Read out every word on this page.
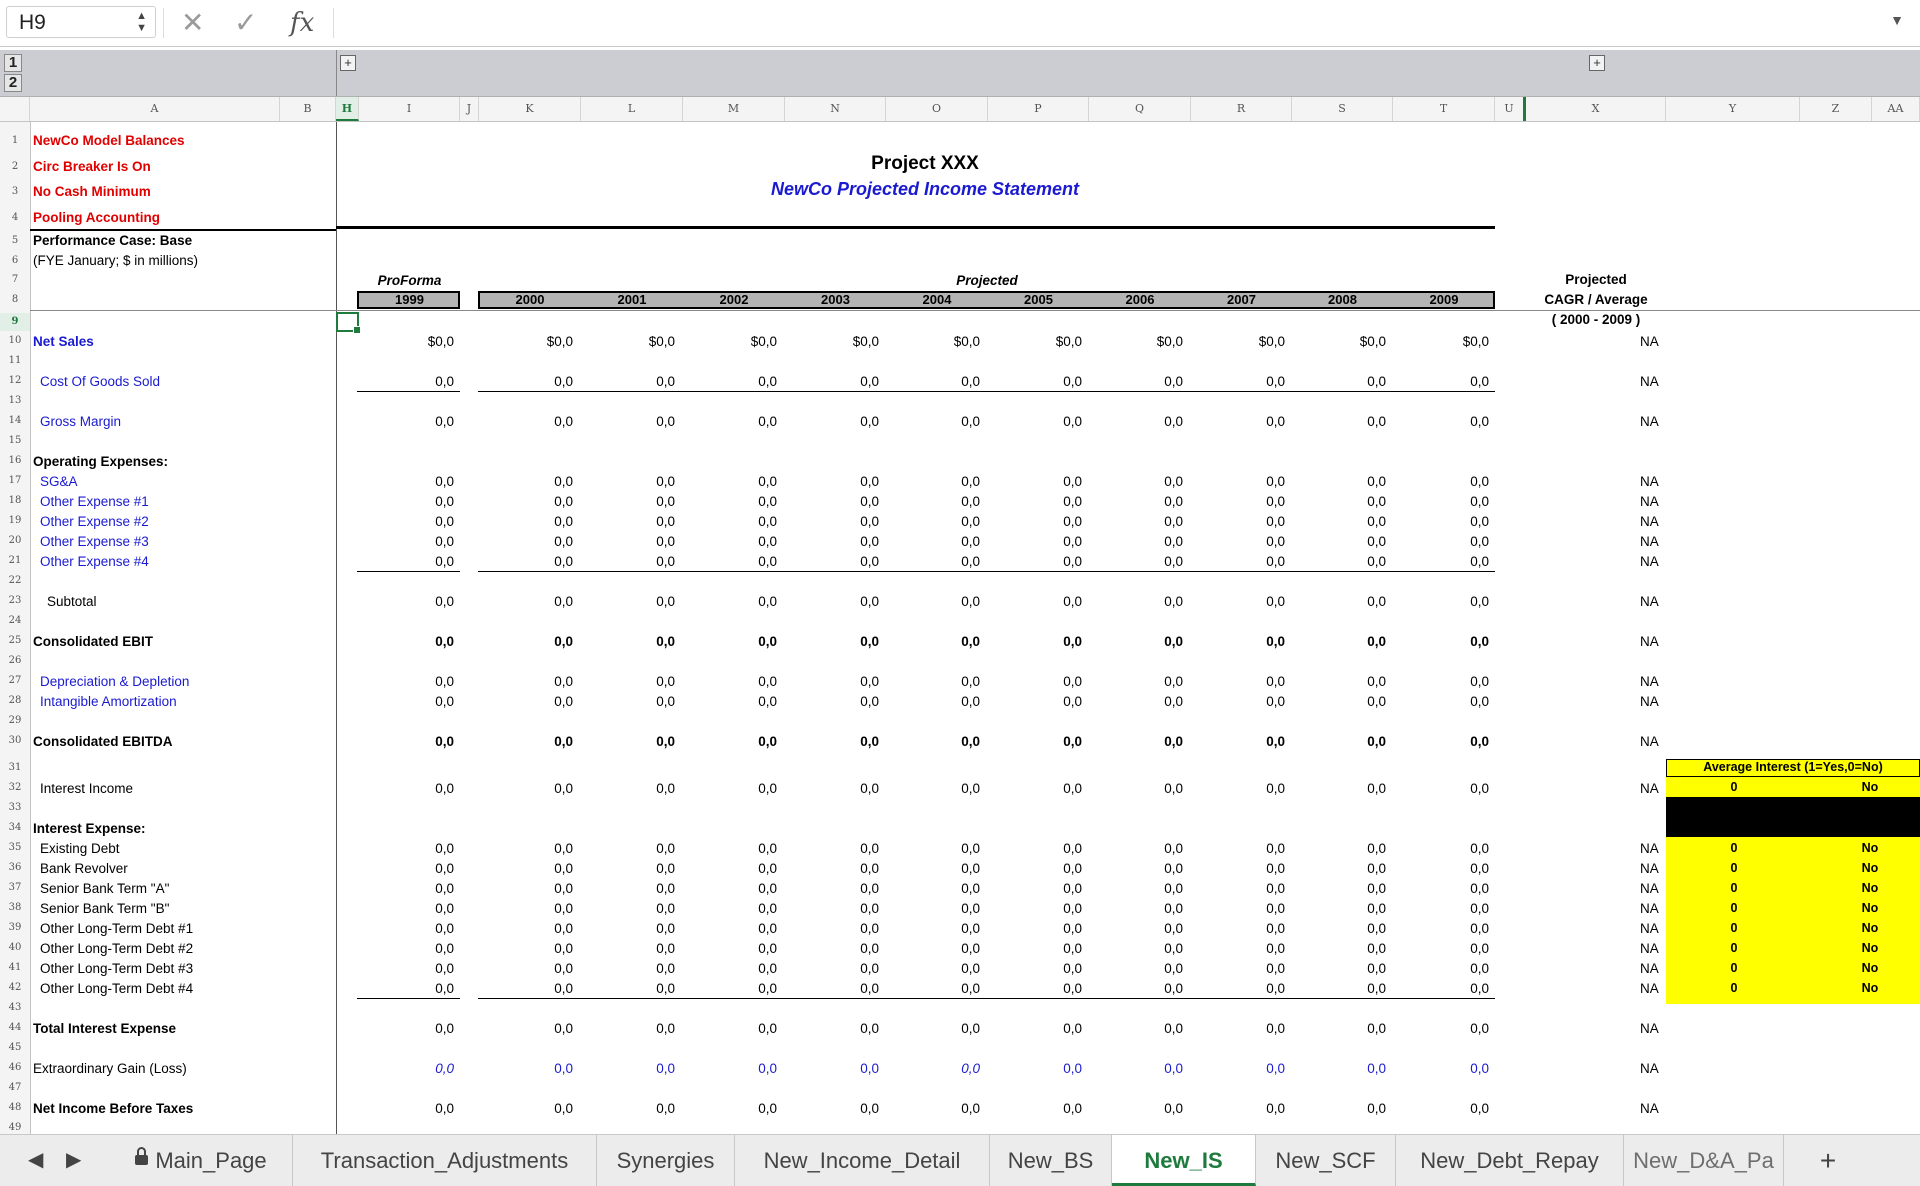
H9	▲
▼ ✕ ✓ fx	▼
1
2
+	+
A	B	H	I	J	K	L	M	N	O	P	Q	R	S	T	U	X	Y	Z	AA
1
2
3
4
5
6
7
8
9
10
11
12
13
14
15
16
17
18
19
20
21
22
23
24
25
26
27
28
29
30
31
32
33
34
35
36
37
38
39
40
41
42
43
44
45
46
47
48
49
NewCo Model Balances
Circ Breaker Is On
No Cash Minimum
Pooling Accounting
Project XXX
NewCo Projected Income Statement
Performance Case: Base
(FYE January; $ in millions)
Projected
CAGR / Average
( 2000 - 2009 )
ProForma	Projected
1999	2000	2001	2002	2003	2004	2005	2006	2007	2008	2009
Net Sales	$0,0	$0,0	$0,0	$0,0	$0,0	$0,0	$0,0	$0,0	$0,0	$0,0	$0,0	NA
Cost Of Goods Sold	0,0	0,0	0,0	0,0	0,0	0,0	0,0	0,0	0,0	0,0	0,0	NA
Gross Margin	0,0	0,0	0,0	0,0	0,0	0,0	0,0	0,0	0,0	0,0	0,0	NA
Operating Expenses:
SG&A	0,0	0,0	0,0	0,0	0,0	0,0	0,0	0,0	0,0	0,0	0,0	NA
Other Expense #1	0,0	0,0	0,0	0,0	0,0	0,0	0,0	0,0	0,0	0,0	0,0	NA
Other Expense #2	0,0	0,0	0,0	0,0	0,0	0,0	0,0	0,0	0,0	0,0	0,0	NA
Other Expense #3	0,0	0,0	0,0	0,0	0,0	0,0	0,0	0,0	0,0	0,0	0,0	NA
Other Expense #4	0,0	0,0	0,0	0,0	0,0	0,0	0,0	0,0	0,0	0,0	0,0	NA
Subtotal	0,0	0,0	0,0	0,0	0,0	0,0	0,0	0,0	0,0	0,0	0,0	NA
Consolidated EBIT	0,0	0,0	0,0	0,0	0,0	0,0	0,0	0,0	0,0	0,0	0,0	NA
Depreciation & Depletion	0,0	0,0	0,0	0,0	0,0	0,0	0,0	0,0	0,0	0,0	0,0	NA
Intangible Amortization	0,0	0,0	0,0	0,0	0,0	0,0	0,0	0,0	0,0	0,0	0,0	NA
Consolidated EBITDA	0,0	0,0	0,0	0,0	0,0	0,0	0,0	0,0	0,0	0,0	0,0	NA
Interest Income	0,0	0,0	0,0	0,0	0,0	0,0	0,0	0,0	0,0	0,0	0,0	NA
Interest Expense:
Existing Debt	0,0	0,0	0,0	0,0	0,0	0,0	0,0	0,0	0,0	0,0	0,0	NA
Bank Revolver	0,0	0,0	0,0	0,0	0,0	0,0	0,0	0,0	0,0	0,0	0,0	NA
Senior Bank Term "A"	0,0	0,0	0,0	0,0	0,0	0,0	0,0	0,0	0,0	0,0	0,0	NA
Senior Bank Term "B"	0,0	0,0	0,0	0,0	0,0	0,0	0,0	0,0	0,0	0,0	0,0	NA
Other Long-Term Debt #1	0,0	0,0	0,0	0,0	0,0	0,0	0,0	0,0	0,0	0,0	0,0	NA
Other Long-Term Debt #2	0,0	0,0	0,0	0,0	0,0	0,0	0,0	0,0	0,0	0,0	0,0	NA
Other Long-Term Debt #3	0,0	0,0	0,0	0,0	0,0	0,0	0,0	0,0	0,0	0,0	0,0	NA
Other Long-Term Debt #4	0,0	0,0	0,0	0,0	0,0	0,0	0,0	0,0	0,0	0,0	0,0	NA
Total Interest Expense	0,0	0,0	0,0	0,0	0,0	0,0	0,0	0,0	0,0	0,0	0,0	NA
Extraordinary Gain (Loss)	0,0	0,0	0,0	0,0	0,0	0,0	0,0	0,0	0,0	0,0	0,0	NA
Net Income Before Taxes	0,0	0,0	0,0	0,0	0,0	0,0	0,0	0,0	0,0	0,0	0,0	NA
Average Interest (1=Yes,0=No)
0	No
0	No
0	No
0	No
0	No
0	No
0	No
0	No
0	No
◀ ▶	Main_Page	Transaction_Adjustments	Synergies	New_Income_Detail	New_BS	New_IS	New_SCF	New_Debt_Repay	New_D&A_Pa	+
